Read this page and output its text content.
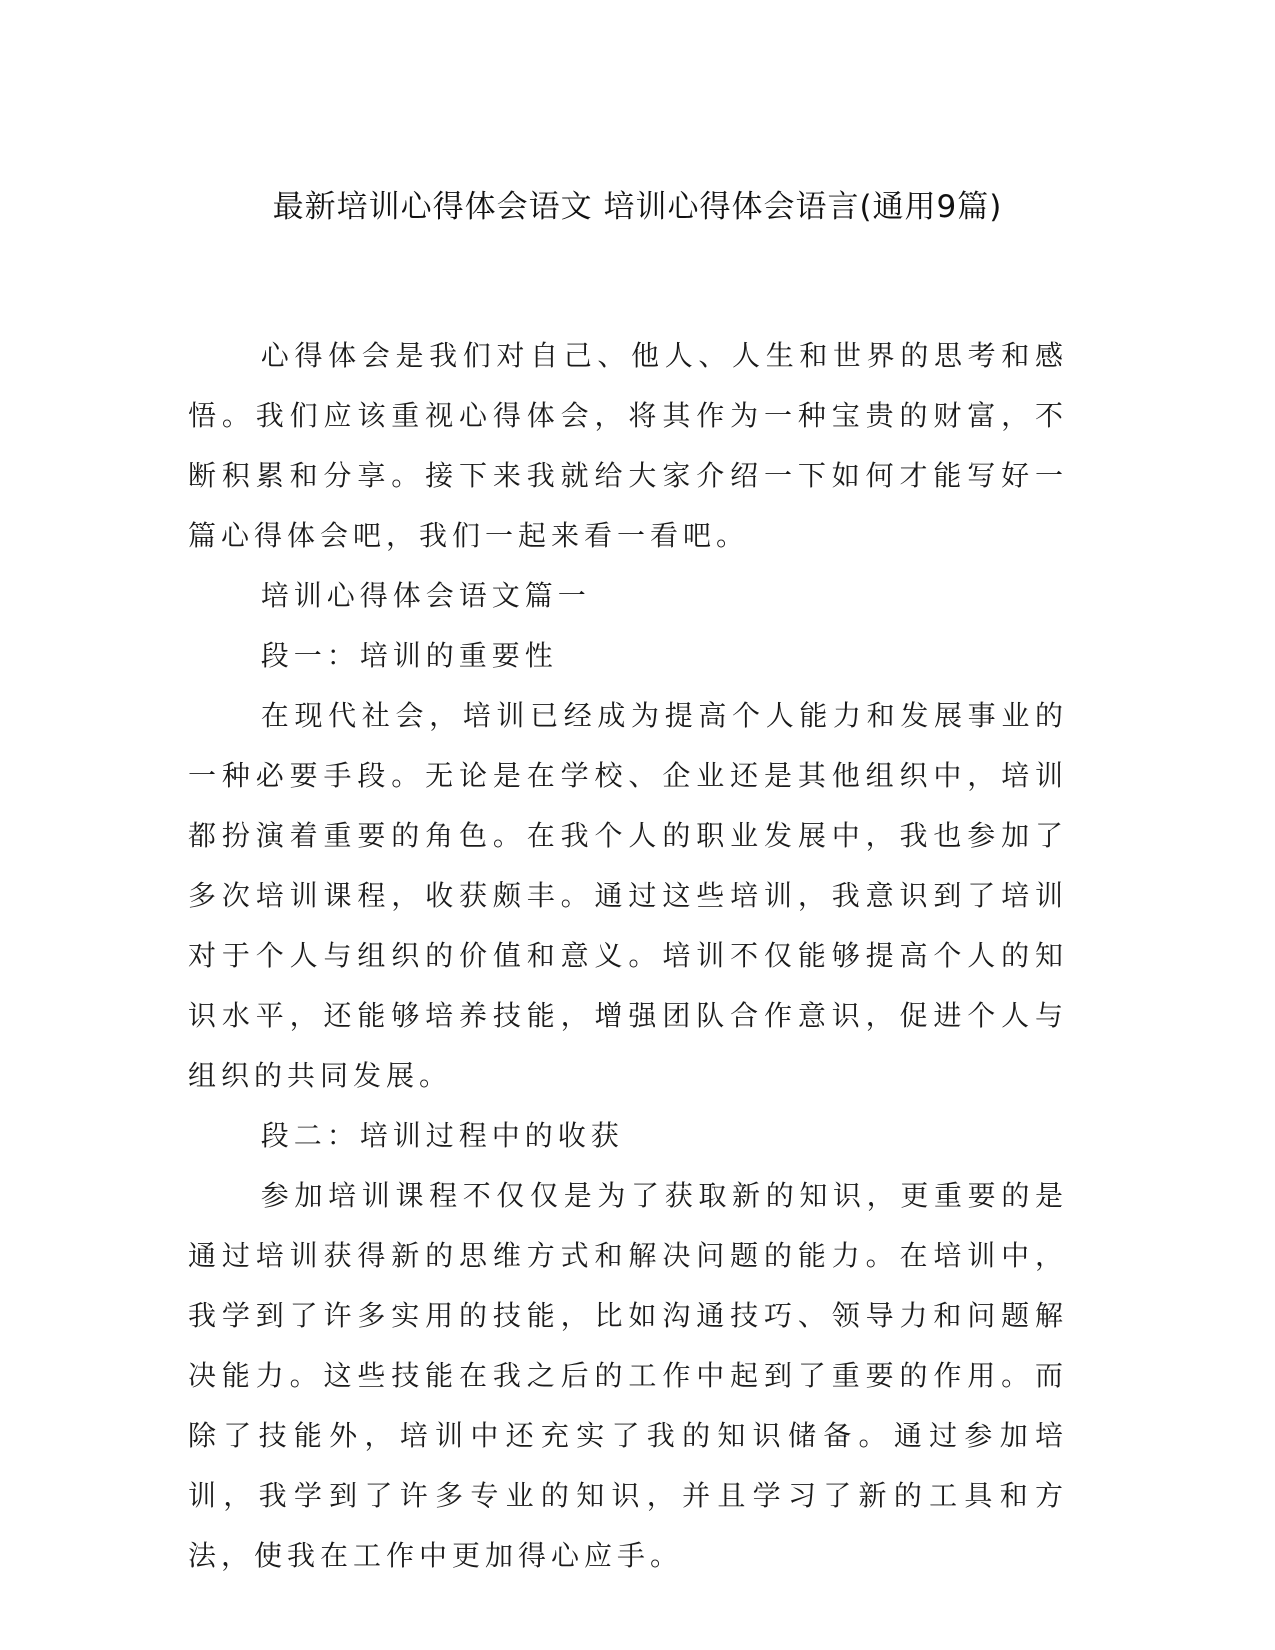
最新培训心得体会语文 培训心得体会语言(通用9篇)

心得体会是我们对自己、他人、人生和世界的思考和感悟。我们应该重视心得体会，将其作为一种宝贵的财富，不断积累和分享。接下来我就给大家介绍一下如何才能写好一篇心得体会吧，我们一起来看一看吧。

培训心得体会语文篇一

段一：培训的重要性

在现代社会，培训已经成为提高个人能力和发展事业的一种必要手段。无论是在学校、企业还是其他组织中，培训都扮演着重要的角色。在我个人的职业发展中，我也参加了多次培训课程，收获颇丰。通过这些培训，我意识到了培训对于个人与组织的价值和意义。培训不仅能够提高个人的知识水平，还能够培养技能，增强团队合作意识，促进个人与组织的共同发展。

段二：培训过程中的收获

参加培训课程不仅仅是为了获取新的知识，更重要的是通过培训获得新的思维方式和解决问题的能力。在培训中，我学到了许多实用的技能，比如沟通技巧、领导力和问题解决能力。这些技能在我之后的工作中起到了重要的作用。而除了技能外，培训中还充实了我的知识储备。通过参加培训，我学到了许多专业的知识，并且学习了新的工具和方法，使我在工作中更加得心应手。
